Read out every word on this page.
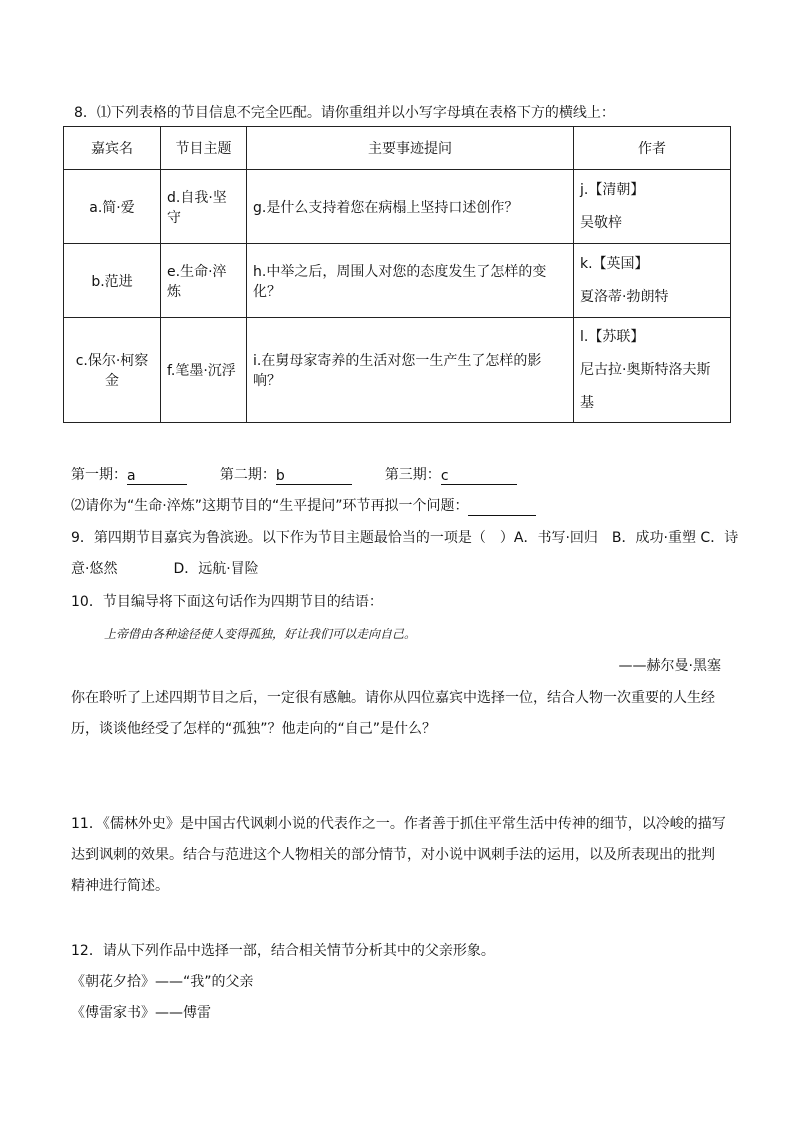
8．⑴下列表格的节目信息不完全匹配。请你重组并以小写字母填在表格下方的横线上：
嘉宾名	节目主题	主要事迹提问	作者
a.简·爱	d.自我·坚守	g.是什么支持着您在病榻上坚持口述创作？	j.【清朝】
吴敬梓

b.范进	e.生命·淬炼	h.中举之后，周围人对您的态度发生了怎样的变化？	k.【英国】
夏洛蒂·勃朗特

c.保尔·柯察金	f.笔墨·沉浮	i.在舅母家寄养的生活对您一生产生了怎样的影响？	l.【苏联】
尼古拉·奥斯特洛夫斯
基
第一期：a	第二期：b	第三期：c
⑵请你为“生命·淬炼”这期节目的“生平提问”环节再拟一个问题：
9．第四期节目嘉宾为鲁滨逊。以下作为节目主题最恰当的一项是（　）A．书写·回归　B．成功·重塑 C．诗
意·悠然　　　　D．远航·冒险
10．节目编导将下面这句话作为四期节目的结语：
上帝借由各种途径使人变得孤独，好让我们可以走向自己。
——赫尔曼·黑塞
你在聆听了上述四期节目之后，一定很有感触。请你从四位嘉宾中选择一位，结合人物一次重要的人生经
历，谈谈他经受了怎样的“孤独”？他走向的“自己”是什么？
11．《儒林外史》是中国古代讽刺小说的代表作之一。作者善于抓住平常生活中传神的细节，以冷峻的描写
达到讽刺的效果。结合与范进这个人物相关的部分情节，对小说中讽刺手法的运用，以及所表现出的批判
精神进行简述。
12．请从下列作品中选择一部，结合相关情节分析其中的父亲形象。
《朝花夕拾》——“我”的父亲
《傅雷家书》——傅雷
